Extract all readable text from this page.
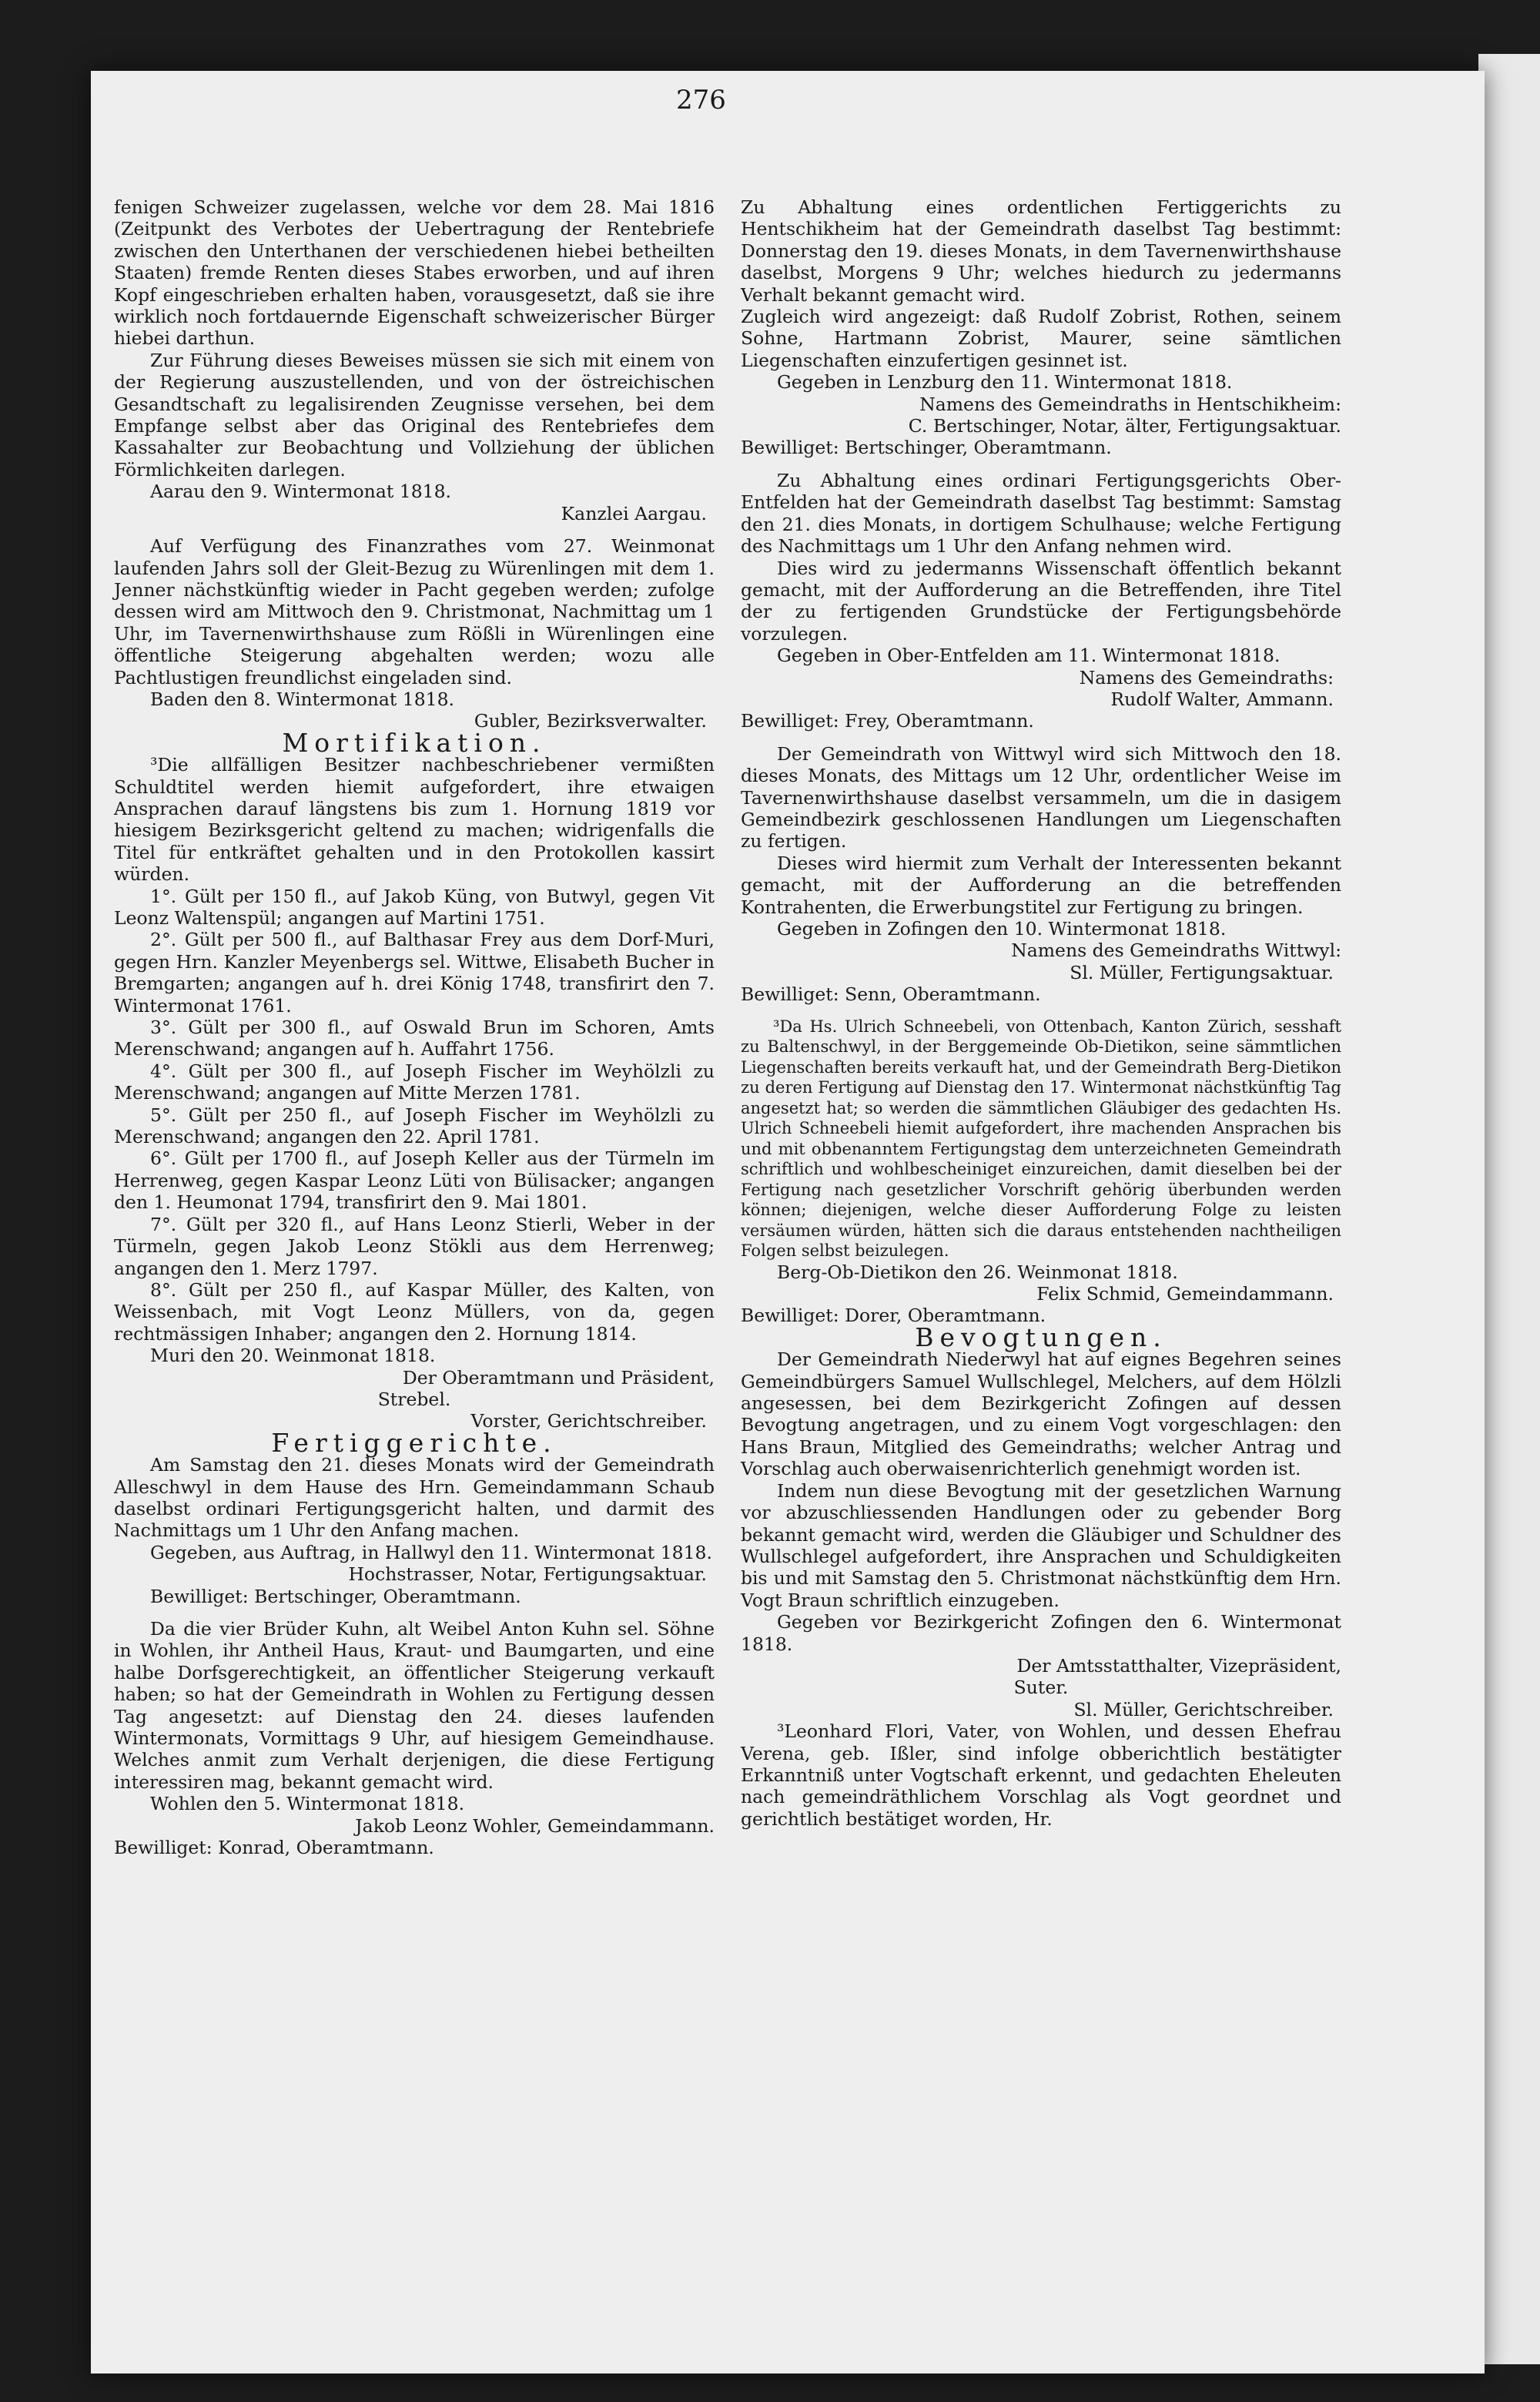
276

fenigen Schweizer zugelassen, welche vor dem 28. Mai 1816 (Zeitpunkt des Verbotes der Uebertragung der Rentebriefe zwischen den Unterthanen der verschiedenen hiebei betheilten Staaten) fremde Renten dieses Stabes erworben, und auf ihren Kopf eingeschrieben erhalten haben, vorausgesetzt, daß sie ihre wirklich noch fortdauernde Eigenschaft schweizerischer Bürger hiebei darthun.

Zur Führung dieses Beweises müssen sie sich mit einem von der Regierung auszustellenden, und von der östreichischen Gesandtschaft zu legalisirenden Zeugnisse versehen, bei dem Empfange selbst aber das Original des Rentebriefes dem Kassahalter zur Beobachtung und Vollziehung der üblichen Förmlichkeiten darlegen.

Aarau den 9. Wintermonat 1818.

Kanzlei Aargau.

Auf Verfügung des Finanzrathes vom 27. Weinmonat laufenden Jahrs soll der Gleit-Bezug zu Würenlingen mit dem 1. Jenner nächstkünftig wieder in Pacht gegeben werden; zufolge dessen wird am Mittwoch den 9. Christmonat, Nachmittag um 1 Uhr, im Tavernenwirthshause zum Rößli in Würenlingen eine öffentliche Steigerung abgehalten werden; wozu alle Pachtlustigen freundlichst eingeladen sind.

Baden den 8. Wintermonat 1818.

Gubler, Bezirksverwalter.

Mortifikation.

³Die allfälligen Besitzer nachbeschriebener vermißten Schuldtitel werden hiemit aufgefordert, ihre etwaigen Ansprachen darauf längstens bis zum 1. Hornung 1819 vor hiesigem Bezirksgericht geltend zu machen; widrigenfalls die Titel für entkräftet gehalten und in den Protokollen kassirt würden.

1°. Gült per 150 fl., auf Jakob Küng, von Butwyl, gegen Vit Leonz Waltenspül; angangen auf Martini 1751.

2°. Gült per 500 fl., auf Balthasar Frey aus dem Dorf-Muri, gegen Hrn. Kanzler Meyenbergs sel. Wittwe, Elisabeth Bucher in Bremgarten; angangen auf h. drei König 1748, transfirirt den 7. Wintermonat 1761.

3°. Gült per 300 fl., auf Oswald Brun im Schoren, Amts Merenschwand; angangen auf h. Auffahrt 1756.

4°. Gült per 300 fl., auf Joseph Fischer im Weyhölzli zu Merenschwand; angangen auf Mitte Merzen 1781.

5°. Gült per 250 fl., auf Joseph Fischer im Weyhölzli zu Merenschwand; angangen den 22. April 1781.

6°. Gült per 1700 fl., auf Joseph Keller aus der Türmeln im Herrenweg, gegen Kaspar Leonz Lüti von Bülisacker; angangen den 1. Heumonat 1794, transfirirt den 9. Mai 1801.

7°. Gült per 320 fl., auf Hans Leonz Stierli, Weber in der Türmeln, gegen Jakob Leonz Stökli aus dem Herrenweg; angangen den 1. Merz 1797.

8°. Gült per 250 fl., auf Kaspar Müller, des Kalten, von Weissenbach, mit Vogt Leonz Müllers, von da, gegen rechtmässigen Inhaber; angangen den 2. Hornung 1814.

Muri den 20. Weinmonat 1818.

Der Oberamtmann und Präsident,

Strebel.

Vorster, Gerichtschreiber.

Fertiggerichte.

Am Samstag den 21. dieses Monats wird der Gemeindrath Alleschwyl in dem Hause des Hrn. Gemeindammann Schaub daselbst ordinari Fertigungsgericht halten, und darmit des Nachmittags um 1 Uhr den Anfang machen.

Gegeben, aus Auftrag, in Hallwyl den 11. Wintermonat 1818.

Hochstrasser, Notar, Fertigungsaktuar.

Bewilliget: Bertschinger, Oberamtmann.

Da die vier Brüder Kuhn, alt Weibel Anton Kuhn sel. Söhne in Wohlen, ihr Antheil Haus, Kraut- und Baumgarten, und eine halbe Dorfsgerechtigkeit, an öffentlicher Steigerung verkauft haben; so hat der Gemeindrath in Wohlen zu Fertigung dessen Tag angesetzt: auf Dienstag den 24. dieses laufenden Wintermonats, Vormittags 9 Uhr, auf hiesigem Gemeindhause. Welches anmit zum Verhalt derjenigen, die diese Fertigung interessiren mag, bekannt gemacht wird.

Wohlen den 5. Wintermonat 1818.

Jakob Leonz Wohler, Gemeindammann.

Bewilliget: Konrad, Oberamtmann.

Zu Abhaltung eines ordentlichen Fertiggerichts zu Hentschikheim hat der Gemeindrath daselbst Tag bestimmt: Donnerstag den 19. dieses Monats, in dem Tavernenwirthshause daselbst, Morgens 9 Uhr; welches hiedurch zu jedermanns Verhalt bekannt gemacht wird.

Zugleich wird angezeigt: daß Rudolf Zobrist, Rothen, seinem Sohne, Hartmann Zobrist, Maurer, seine sämtlichen Liegenschaften einzufertigen gesinnet ist.

Gegeben in Lenzburg den 11. Wintermonat 1818.

Namens des Gemeindraths in Hentschikheim:

C. Bertschinger, Notar, älter, Fertigungsaktuar.

Bewilliget: Bertschinger, Oberamtmann.

Zu Abhaltung eines ordinari Fertigungsgerichts Ober-Entfelden hat der Gemeindrath daselbst Tag bestimmt: Samstag den 21. dies Monats, in dortigem Schulhause; welche Fertigung des Nachmittags um 1 Uhr den Anfang nehmen wird.

Dies wird zu jedermanns Wissenschaft öffentlich bekannt gemacht, mit der Aufforderung an die Betreffenden, ihre Titel der zu fertigenden Grundstücke der Fertigungsbehörde vorzulegen.

Gegeben in Ober-Entfelden am 11. Wintermonat 1818.

Namens des Gemeindraths:

Rudolf Walter, Ammann.

Bewilliget: Frey, Oberamtmann.

Der Gemeindrath von Wittwyl wird sich Mittwoch den 18. dieses Monats, des Mittags um 12 Uhr, ordentlicher Weise im Tavernenwirthshause daselbst versammeln, um die in dasigem Gemeindbezirk geschlossenen Handlungen um Liegenschaften zu fertigen.

Dieses wird hiermit zum Verhalt der Interessenten bekannt gemacht, mit der Aufforderung an die betreffenden Kontrahenten, die Erwerbungstitel zur Fertigung zu bringen.

Gegeben in Zofingen den 10. Wintermonat 1818.

Namens des Gemeindraths Wittwyl:

Sl. Müller, Fertigungsaktuar.

Bewilliget: Senn, Oberamtmann.

³Da Hs. Ulrich Schneebeli, von Ottenbach, Kanton Zürich, sesshaft zu Baltenschwyl, in der Berggemeinde Ob-Dietikon, seine sämmtlichen Liegenschaften bereits verkauft hat, und der Gemeindrath Berg-Dietikon zu deren Fertigung auf Dienstag den 17. Wintermonat nächstkünftig Tag angesetzt hat; so werden die sämmtlichen Gläubiger des gedachten Hs. Ulrich Schneebeli hiemit aufgefordert, ihre machenden Ansprachen bis und mit obbenanntem Fertigungstag dem unterzeichneten Gemeindrath schriftlich und wohlbescheiniget einzureichen, damit dieselben bei der Fertigung nach gesetzlicher Vorschrift gehörig überbunden werden können; diejenigen, welche dieser Aufforderung Folge zu leisten versäumen würden, hätten sich die daraus entstehenden nachtheiligen Folgen selbst beizulegen.

Berg-Ob-Dietikon den 26. Weinmonat 1818.

Felix Schmid, Gemeindammann.

Bewilliget: Dorer, Oberamtmann.

Bevogtungen.

Der Gemeindrath Niederwyl hat auf eignes Begehren seines Gemeindbürgers Samuel Wullschlegel, Melchers, auf dem Hölzli angesessen, bei dem Bezirkgericht Zofingen auf dessen Bevogtung angetragen, und zu einem Vogt vorgeschlagen: den Hans Braun, Mitglied des Gemeindraths; welcher Antrag und Vorschlag auch oberwaisenrichterlich genehmigt worden ist.

Indem nun diese Bevogtung mit der gesetzlichen Warnung vor abzuschliessenden Handlungen oder zu gebender Borg bekannt gemacht wird, werden die Gläubiger und Schuldner des Wullschlegel aufgefordert, ihre Ansprachen und Schuldigkeiten bis und mit Samstag den 5. Christmonat nächstkünftig dem Hrn. Vogt Braun schriftlich einzugeben.

Gegeben vor Bezirkgericht Zofingen den 6. Wintermonat 1818.

Der Amtsstatthalter, Vizepräsident,

Suter.

Sl. Müller, Gerichtschreiber.

³Leonhard Flori, Vater, von Wohlen, und dessen Ehefrau Verena, geb. Ißler, sind infolge obberichtlich bestätigter Erkanntniß unter Vogtschaft erkennt, und gedachten Eheleuten nach gemeindräthlichem Vorschlag als Vogt geordnet und gerichtlich bestätiget worden, Hr.
